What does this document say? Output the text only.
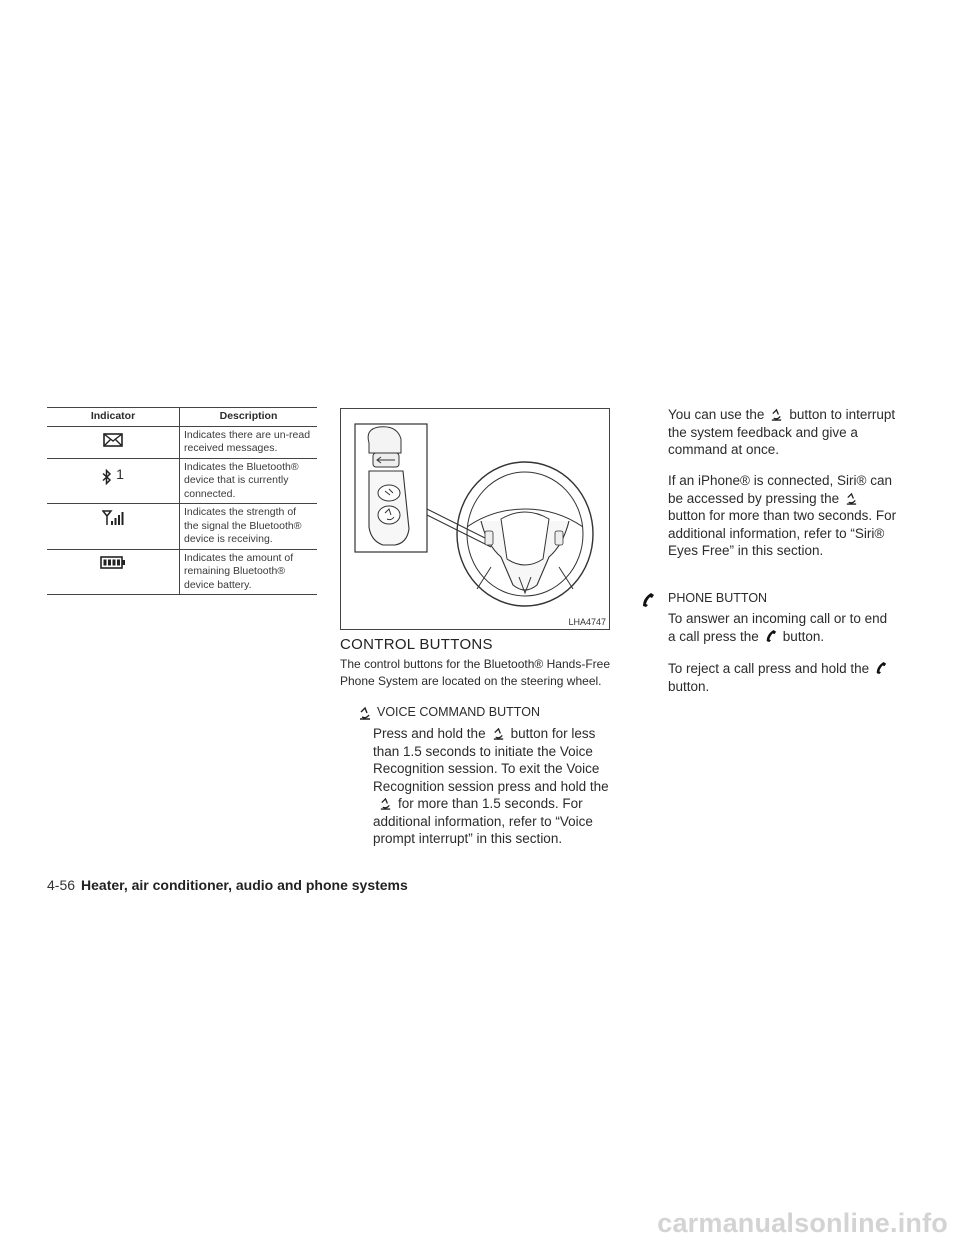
Indicator	Description

	Indicates there are un-read received messages.

1	Indicates the Bluetooth® device that is currently connected.

	Indicates the strength of the signal the Bluetooth® device is receiving.

	Indicates the amount of remaining Bluetooth® device battery.
LHA4747
CONTROL BUTTONS

The control buttons for the Bluetooth® Hands-Free Phone System are located on the steering wheel.

VOICE COMMAND BUTTON

Press and hold the button for less than 1.5 seconds to initiate the Voice Recognition session. To exit the Voice Recognition session press and hold thefor more than 1.5 seconds. For additional information, refer to “Voice prompt interrupt” in this section.

You can use the button to interrupt the system feedback and give a command at once.

If an iPhone® is connected, Siri® can be accessed by pressing thebutton for more than two seconds. For additional information, refer to “Siri® Eyes Free” in this section.

PHONE BUTTON

To answer an incoming call or to end a call press the button.

To reject a call press and hold thebutton.

4-56 Heater, air conditioner, audio and phone systems
carmanualsonline.info
